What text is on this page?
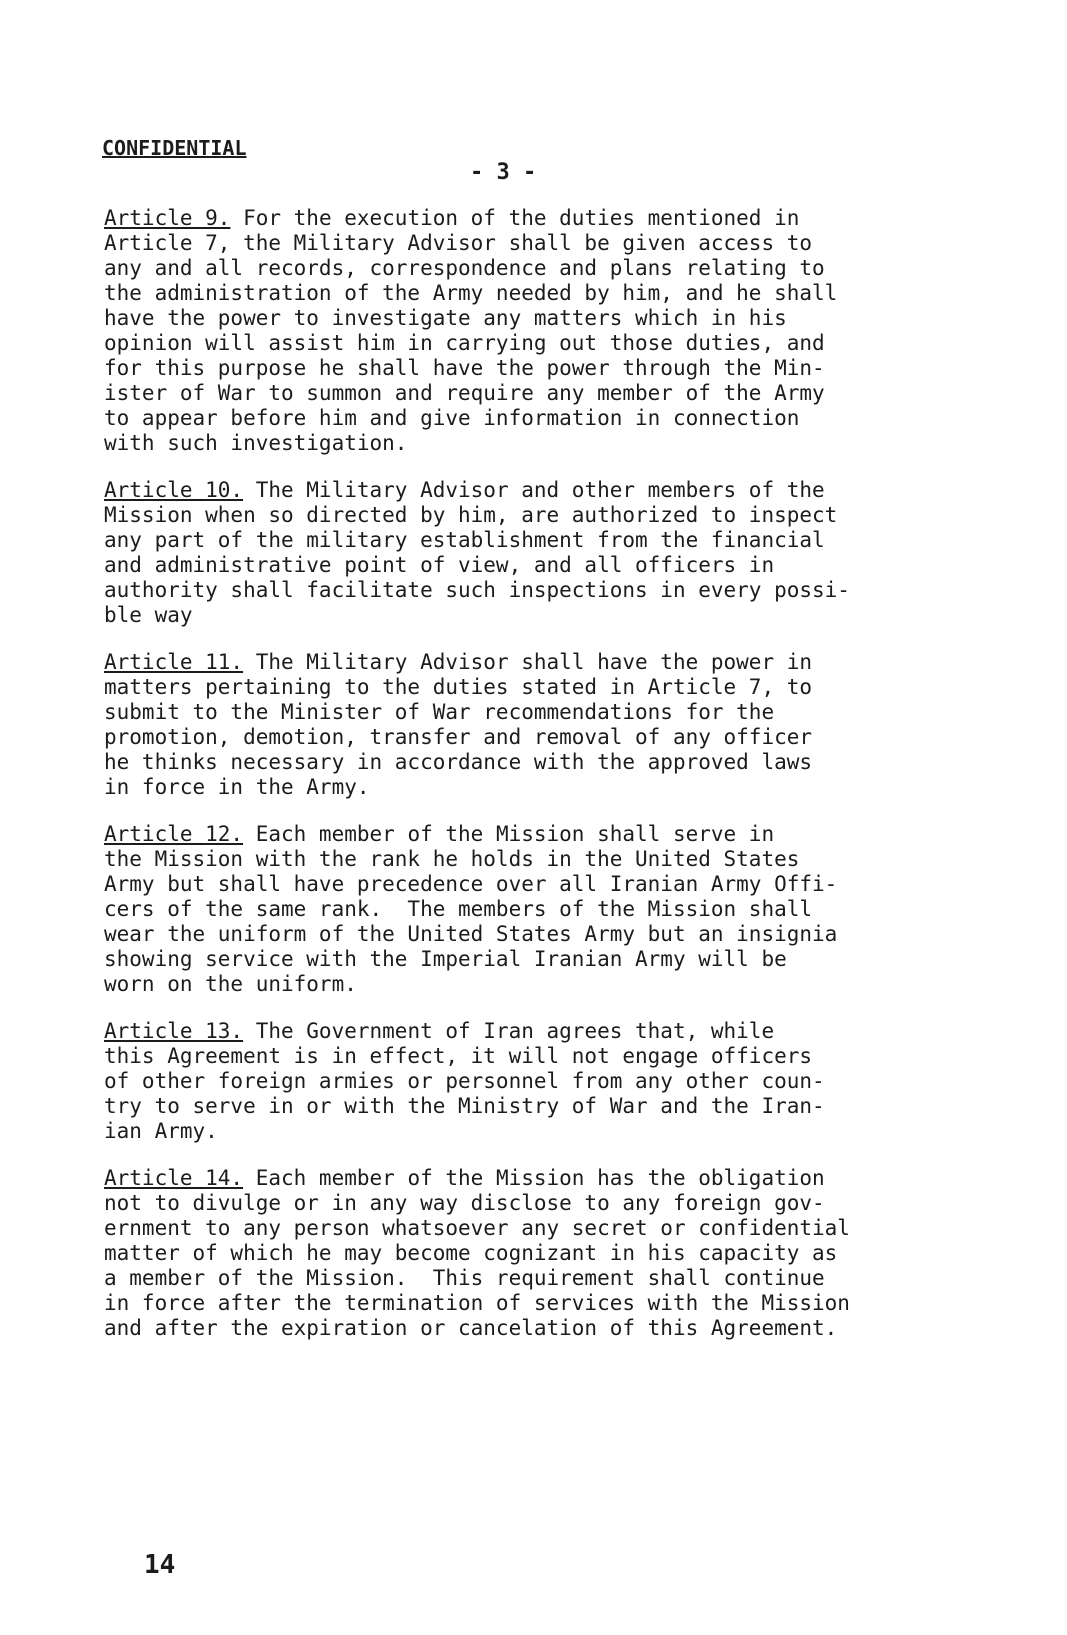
CONFIDENTIAL
- 3 -
Article 9. For the execution of the duties mentioned in
Article 7, the Military Advisor shall be given access to
any and all records, correspondence and plans relating to
the administration of the Army needed by him, and he shall
have the power to investigate any matters which in his
opinion will assist him in carrying out those duties, and
for this purpose he shall have the power through the Min-
ister of War to summon and require any member of the Army
to appear before him and give information in connection
with such investigation.
Article 10. The Military Advisor and other members of the
Mission when so directed by him, are authorized to inspect
any part of the military establishment from the financial
and administrative point of view, and all officers in
authority shall facilitate such inspections in every possi-
ble way
Article 11. The Military Advisor shall have the power in
matters pertaining to the duties stated in Article 7, to
submit to the Minister of War recommendations for the
promotion, demotion, transfer and removal of any officer
he thinks necessary in accordance with the approved laws
in force in the Army.
Article 12. Each member of the Mission shall serve in
the Mission with the rank he holds in the United States
Army but shall have precedence over all Iranian Army Offi-
cers of the same rank.  The members of the Mission shall
wear the uniform of the United States Army but an insignia
showing service with the Imperial Iranian Army will be
worn on the uniform.
Article 13. The Government of Iran agrees that, while
this Agreement is in effect, it will not engage officers
of other foreign armies or personnel from any other coun-
try to serve in or with the Ministry of War and the Iran-
ian Army.
Article 14. Each member of the Mission has the obligation
not to divulge or in any way disclose to any foreign gov-
ernment to any person whatsoever any secret or confidential
matter of which he may become cognizant in his capacity as
a member of the Mission.  This requirement shall continue
in force after the termination of services with the Mission
and after the expiration or cancelation of this Agreement.
14
